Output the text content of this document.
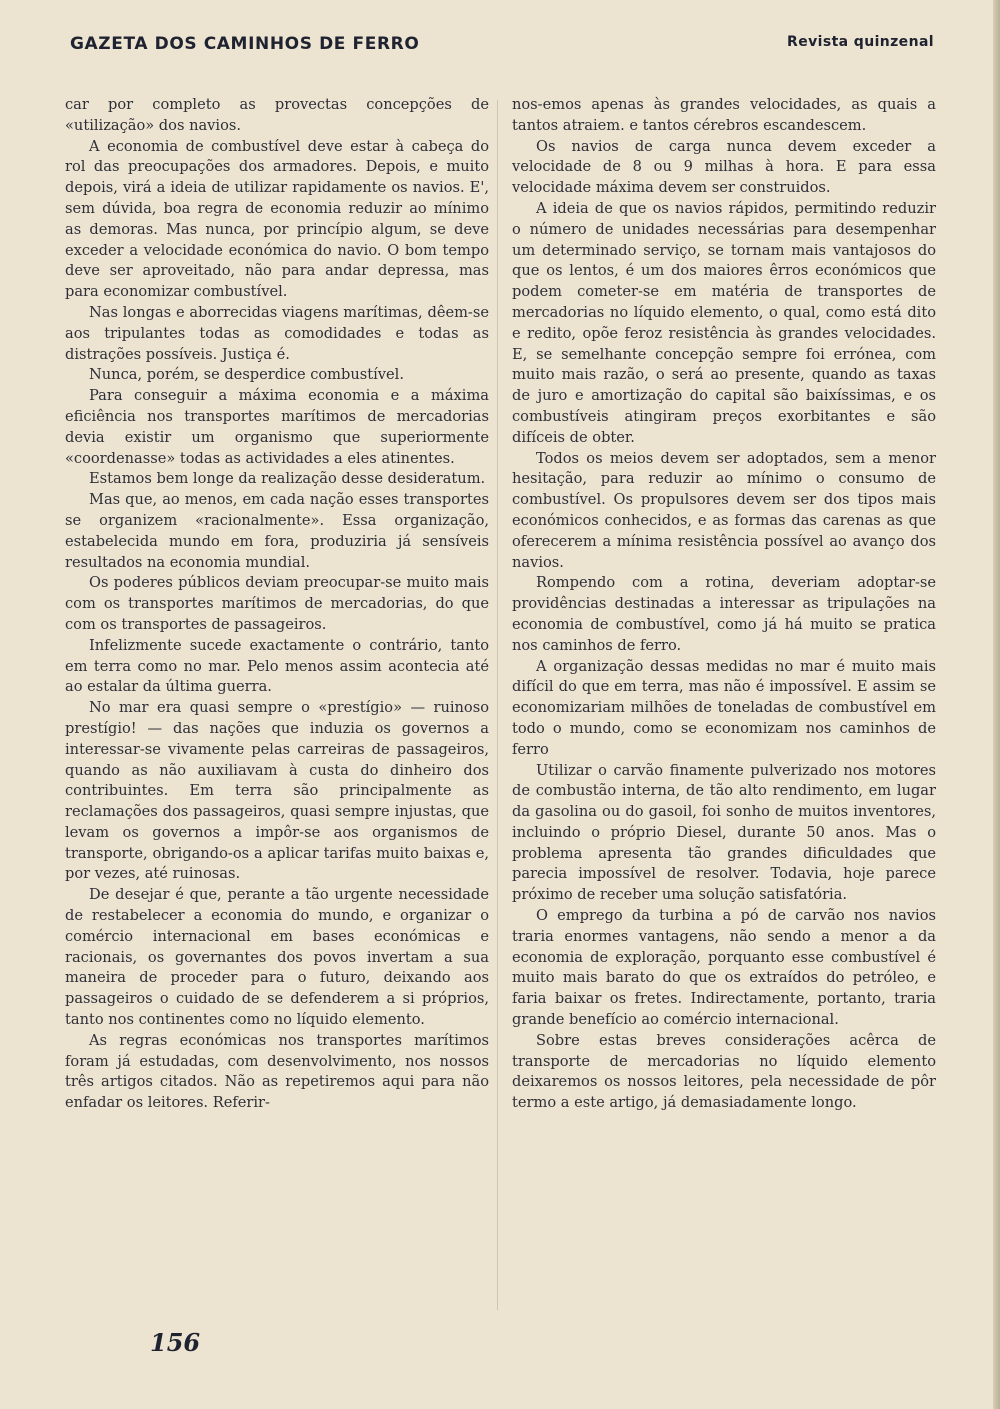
GAZETA DOS CAMINHOS DE FERRO	Revista quinzenal

car por completo as provectas concepções de «utilização» dos navios.

A economia de combustível deve estar à cabeça do rol das preocupações dos armadores. Depois, e muito depois, virá a ideia de utilizar rapidamente os navios. E', sem dúvida, boa regra de economia reduzir ao mínimo as demoras. Mas nunca, por princípio algum, se deve exceder a velocidade económica do navio. O bom tempo deve ser aproveitado, não para andar depressa, mas para economizar combustível.

Nas longas e aborrecidas viagens marítimas, dêem-se aos tripulantes todas as comodidades e todas as distrações possíveis. Justiça é.

Nunca, porém, se desperdice combustível.

Para conseguir a máxima economia e a máxima eficiência nos transportes marítimos de mercadorias devia existir um organismo que superiormente «coordenasse» todas as actividades a eles atinentes.

Estamos bem longe da realização desse desideratum.

Mas que, ao menos, em cada nação esses transportes se organizem «racionalmente». Essa organização, estabelecida mundo em fora, produziria já sensíveis resultados na economia mundial.

Os poderes públicos deviam preocupar-se muito mais com os transportes marítimos de mercadorias, do que com os transportes de passageiros.

Infelizmente sucede exactamente o contrário, tanto em terra como no mar. Pelo menos assim acontecia até ao estalar da última guerra.

No mar era quasi sempre o «prestígio» — ruinoso prestígio! — das nações que induzia os governos a interessar-se vivamente pelas carreiras de passageiros, quando as não auxiliavam à custa do dinheiro dos contribuintes. Em terra são principalmente as reclamações dos passageiros, quasi sempre injustas, que levam os governos a impôr-se aos organismos de transporte, obrigando-os a aplicar tarifas muito baixas e, por vezes, até ruinosas.

De desejar é que, perante a tão urgente necessidade de restabelecer a economia do mundo, e organizar o comércio internacional em bases económicas e racionais, os governantes dos povos invertam a sua maneira de proceder para o futuro, deixando aos passageiros o cuidado de se defenderem a si próprios, tanto nos continentes como no líquido elemento.

As regras económicas nos transportes marítimos foram já estudadas, com desenvolvimento, nos nossos três artigos citados. Não as repetiremos aqui para não enfadar os leitores. Referir-

nos-emos apenas às grandes velocidades, as quais a tantos atraiem. e tantos cérebros escandescem.

Os navios de carga nunca devem exceder a velocidade de 8 ou 9 milhas à hora. E para essa velocidade máxima devem ser construidos.

A ideia de que os navios rápidos, permitindo reduzir o número de unidades necessárias para desempenhar um determinado serviço, se tornam mais vantajosos do que os lentos, é um dos maiores êrros económicos que podem cometer-se em matéria de transportes de mercadorias no líquido elemento, o qual, como está dito e redito, opõe feroz resistência às grandes velocidades. E, se semelhante concepção sempre foi errónea, com muito mais razão, o será ao presente, quando as taxas de juro e amortização do capital são baixíssimas, e os combustíveis atingiram preços exorbitantes e são difíceis de obter.

Todos os meios devem ser adoptados, sem a menor hesitação, para reduzir ao mínimo o consumo de combustível. Os propulsores devem ser dos tipos mais económicos conhecidos, e as formas das carenas as que oferecerem a mínima resistência possível ao avanço dos navios.

Rompendo com a rotina, deveriam adoptar-se providências destinadas a interessar as tripulações na economia de combustível, como já há muito se pratica nos caminhos de ferro.

A organização dessas medidas no mar é muito mais difícil do que em terra, mas não é impossível. E assim se economizariam milhões de toneladas de combustível em todo o mundo, como se economizam nos caminhos de ferro

Utilizar o carvão finamente pulverizado nos motores de combustão interna, de tão alto rendimento, em lugar da gasolina ou do gasoil, foi sonho de muitos inventores, incluindo o próprio Diesel, durante 50 anos. Mas o problema apresenta tão grandes dificuldades que parecia impossível de resolver. Todavia, hoje parece próximo de receber uma solução satisfatória.

O emprego da turbina a pó de carvão nos navios traria enormes vantagens, não sendo a menor a da economia de exploração, porquanto esse combustível é muito mais barato do que os extraídos do petróleo, e faria baixar os fretes. Indirectamente, portanto, traria grande benefício ao comércio internacional.

Sobre estas breves considerações acêrca de transporte de mercadorias no líquido elemento deixaremos os nossos leitores, pela necessidade de pôr termo a este artigo, já demasiadamente longo.

156
